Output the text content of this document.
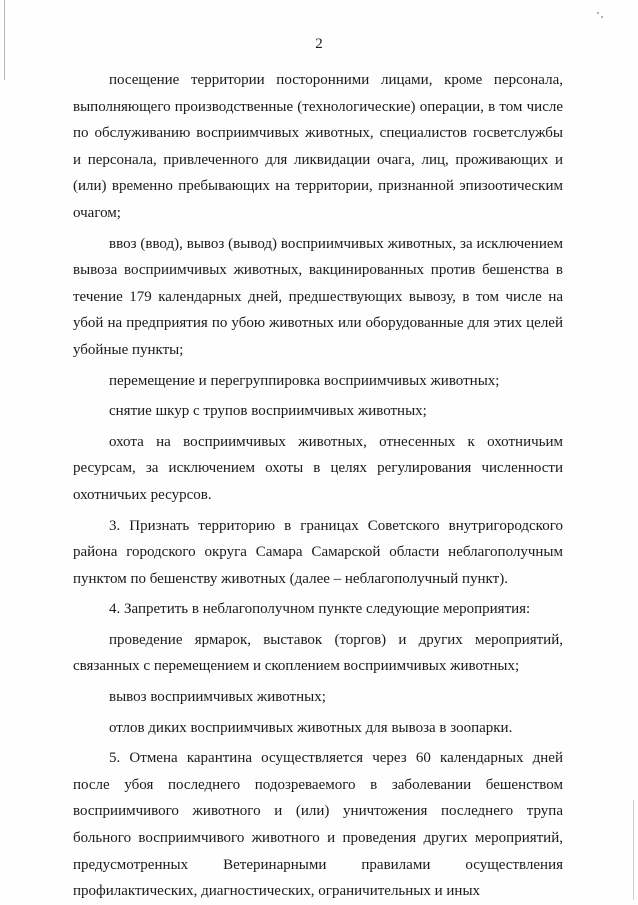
2

посещение территории посторонними лицами, кроме персонала, выполняющего производственные (технологические) операции, в том числе по обслуживанию восприимчивых животных, специалистов госветслужбы и персонала, привлеченного для ликвидации очага, лиц, проживающих и (или) временно пребывающих на территории, признанной эпизоотическим очагом;

ввоз (ввод), вывоз (вывод) восприимчивых животных, за исключением вывоза восприимчивых животных, вакцинированных против бешенства в течение 179 календарных дней, предшествующих вывозу, в том числе на убой на предприятия по убою животных или оборудованные для этих целей убойные пункты;

перемещение и перегруппировка восприимчивых животных;

снятие шкур с трупов восприимчивых животных;

охота на восприимчивых животных, отнесенных к охотничьим ресурсам, за исключением охоты в целях регулирования численности охотничьих ресурсов.

3. Признать территорию в границах Советского внутригородского района городского округа Самара Самарской области неблагополучным пунктом по бешенству животных (далее – неблагополучный пункт).

4. Запретить в неблагополучном пункте следующие мероприятия:

проведение ярмарок, выставок (торгов) и других мероприятий, связанных с перемещением и скоплением восприимчивых животных;

вывоз восприимчивых животных;

отлов диких восприимчивых животных для вывоза в зоопарки.

5. Отмена карантина осуществляется через 60 календарных дней после убоя последнего подозреваемого в заболевании бешенством восприимчивого животного и (или) уничтожения последнего трупа больного восприимчивого животного и проведения других мероприятий, предусмотренных Ветеринарными правилами осуществления профилактических, диагностических, ограничительных и иных
